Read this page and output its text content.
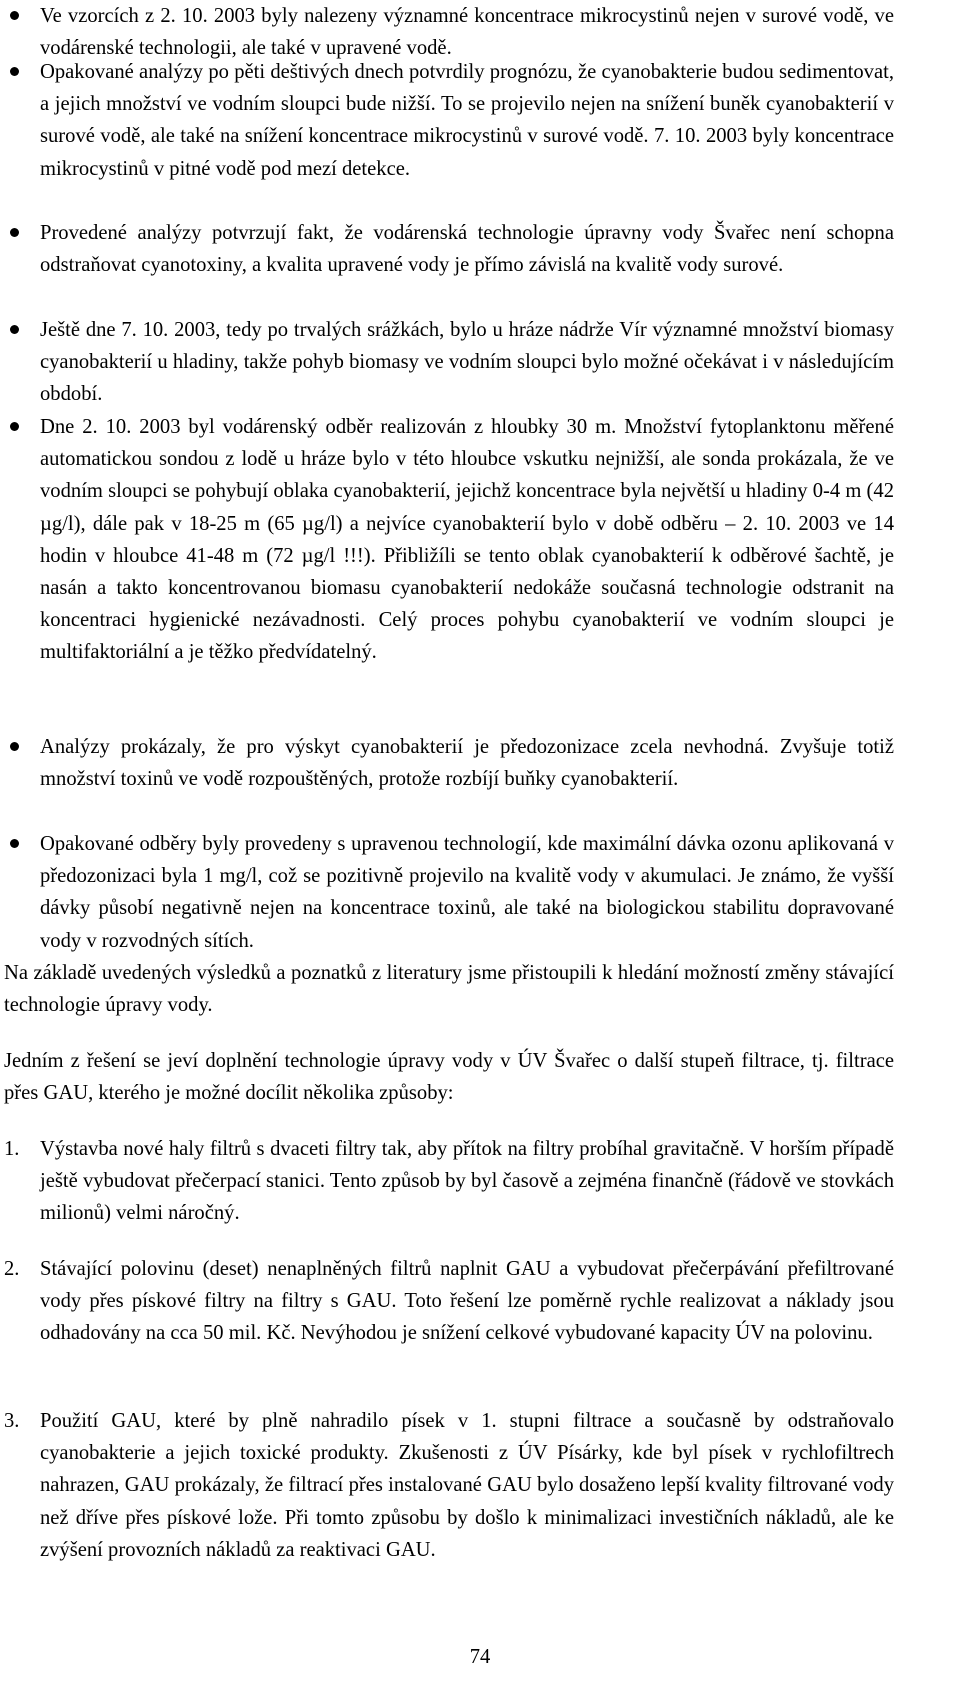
Ve vzorcích z 2. 10. 2003 byly nalezeny významné koncentrace mikrocystinů nejen v surové vodě, ve vodárenské technologii, ale také v upravené vodě.
Opakované analýzy po pěti deštivých dnech potvrdily prognózu, že cyanobakterie budou sedimentovat, a jejich množství ve vodním sloupci bude nižší. To se projevilo nejen na snížení buněk cyanobakterií v surové vodě, ale také na snížení koncentrace mikrocystinů v surové vodě. 7. 10. 2003 byly koncentrace mikrocystinů v pitné vodě pod mezí detekce.
Provedené analýzy potvrzují fakt, že vodárenská technologie úpravny vody Švařec není schopna odstraňovat cyanotoxiny, a kvalita upravené vody je přímo závislá na kvalitě vody surové.
Ještě dne 7. 10. 2003, tedy po trvalých srážkách, bylo u hráze nádrže Vír významné množství biomasy cyanobakterií u hladiny, takže pohyb biomasy ve vodním sloupci bylo možné očekávat i v následujícím období.
Dne 2. 10. 2003 byl vodárenský odběr realizován z hloubky 30 m. Množství fytoplanktonu měřené automatickou sondou z lodě u hráze bylo v této hloubce vskutku nejnižší, ale sonda prokázala, že ve vodním sloupci se pohybují oblaka cyanobakterií, jejichž koncentrace byla největší u hladiny 0-4 m (42 µg/l), dále pak v 18-25 m (65 µg/l) a nejvíce cyanobakterií bylo v době odběru – 2. 10. 2003 ve 14 hodin v hloubce 41-48 m (72 µg/l !!!). Přibližíli se tento oblak cyanobakterií k odběrové šachtě, je nasán a takto koncentrovanou biomasu cyanobakterií nedokáže současná technologie odstranit na koncentraci hygienické nezávadnosti. Celý proces pohybu cyanobakterií ve vodním sloupci je multifaktoriální a je těžko předvídatelný.
Analýzy prokázaly, že pro výskyt cyanobakterií je předozonizace zcela nevhodná. Zvyšuje totiž množství toxinů ve vodě rozpouštěných, protože rozbíjí buňky cyanobakterií.
Opakované odběry byly provedeny s upravenou technologií, kde maximální dávka ozonu aplikovaná v předozonizaci byla 1 mg/l, což se pozitivně projevilo na kvalitě vody v akumulaci. Je známo, že vyšší dávky působí negativně nejen na koncentrace toxinů, ale také na biologickou stabilitu dopravované vody v rozvodných sítích.

Na základě uvedených výsledků a poznatků z literatury jsme přistoupili k hledání možností změny stávající technologie úpravy vody.

Jedním z řešení se jeví doplnění technologie úpravy vody v ÚV Švařec o další stupeň filtrace, tj. filtrace přes GAU, kterého je možné docílit několika způsoby:

1. Výstavba nové haly filtrů s dvaceti filtry tak, aby přítok na filtry probíhal gravitačně. V horším případě ještě vybudovat přečerpací stanici. Tento způsob by byl časově a zejména finančně (řádově ve stovkách milionů) velmi náročný.
2. Stávající polovinu (deset) nenaplněných filtrů naplnit GAU a vybudovat přečerpávání přefiltrované vody přes pískové filtry na filtry s GAU. Toto řešení lze poměrně rychle realizovat a náklady jsou odhadovány na cca 50 mil. Kč. Nevýhodou je snížení celkové vybudované kapacity ÚV na polovinu.
3. Použití GAU, které by plně nahradilo písek v 1. stupni filtrace a současně by odstraňovalo cyanobakterie a jejich toxické produkty. Zkušenosti z ÚV Písárky, kde byl písek v rychlofiltrech nahrazen, GAU prokázaly, že filtrací přes instalované GAU bylo dosaženo lepší kvality filtrované vody než dříve přes pískové lože. Při tomto způsobu by došlo k minimalizaci investičních nákladů, ale ke zvýšení provozních nákladů za reaktivaci GAU.
74
